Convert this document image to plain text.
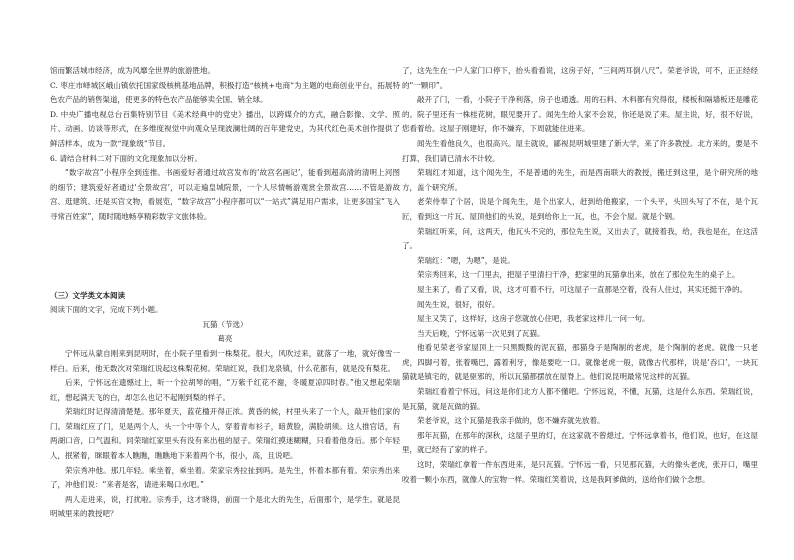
馆而繁活城市经济，成为风靡全世界的旅游胜地。

C. 枣庄市峄城区峨山镇依托国家级核桃基地品牌，积极打造“核桃+电商”为主题的电商创业平台，拓展特色农产品的销售渠道，使更多的特色农产品能够卖全国、销全球。

D. 中央广播电视总台百集特别节目《美术经典中的党史》播出，以跨媒介的方式，融合影像、文学、照片、动画、访谈等形式，在多维度视觉中向观众呈现波澜壮阔的百年建党史，为其代红色美术创作提供了鲜活样本，成为一款“现象级”节目。

6. 请结合材料二对下面的文化现象加以分析。

“数字故宫”小程序全到连推。书画爱好者通过故宫发布的‘故宫名画记’，能看到超高清的清明上河图的细节；建筑爱好者通过‘全景故宫’，可以走遍皇城院景，一个人尽情畅游观赏全景故宫……不管是游故宫、逛建筑、还是买官文物，看展览，“数字故宫”小程序都可以“一站式”满足用户需求，让更多国宝“飞入寻常百姓家”，随时随地畅享精彩数字文旅体验。

（三）文学类文本阅读

阅读下面的文字，完成下列小题。

瓦猫（节选）

葛亮

宁怀远从蒙自刚来到昆明时，在小院子里看到一株梨花。很大，风吹过来，就落了一地，就好像雪一样白。后来，他无数次对荣瑞红说起这株梨花树。荣瑞红说，我们龙泉镇，什么花都有，就是没有梨花。

后来，宁怀远在遗憾过上，听一个拉胡琴的唱，“万紫千红花不谢，冬暖夏凉四时春。”他又想起荣瑞红，想起满天飞的白，却怎么也记不起刚到梨的样子。

荣瑞红时记得清清楚楚。那年夏天，蓝花楹开得正浓。黄昏的候，村里头来了一个人，敲开他们家的门。荣瑞红应了门，见是两个人，头一个中等个人，穿着青布衫子，暗黄脸，满脸胡须。这人推官话，有两湖口音，口气温和。同荣瑞红家里头有没有来出租的屋子。荣瑞红摸迷糊糊，只看着他身后。那个年轻人，抿紧着，眯眼着本人瞧瞧，瞧瞧地下来着两个书，很小，高，且说吧。

荣宗秀冲他。那几年轻。乘坐着，乘坐着。荣家宗秀拉扯到吗。是先生，怀着本都有着。荣宗秀出来了，冲他们说：“来者是客，请进来喝口水吧。”

两人走进来，说，打扰啦。宗秀手，这才晓得，前面一个是北大的先生，后面那个，是学生。就是昆明城里来的教授吧？

了，这先生在一户人家门口停下，抬头看看说，这房子好，“三间两耳倒八尺”。荣老爷说，可不，正正经经的“一颗印”。

敲开了门，一看，小院子干净利落，房子也通透。用的石料、木料都有究得很，楼板和隔墙板还是雕花的。院子里还有一株桂花树，眼见要开了。闻先生给人家不会说，你还是说了来。屋主说，好，很不好说，您看着给。这屋子刚建好，你不嫌弃，下周就能住进来。

闻先生看他良久，也很高兴。屋主就说，鄙视昆明城里建了新大学，来了许多教授。北方来的，要是不打算，我们请已清水不计较。

荣瑞红才知道，这个闻先生，不是普通的先生，而是西南联大的教授，搬迁到这里，是个研究所的地方，盖个研究所。

老荣侍奉了个居，说是个闻先生，是个出家人，赶到给他搬家，一个头平，头回头写了不在，是个瓦匠，看到这一片瓦、屋顶他们的头说，是到给你上一瓦，也，不会个屋。就是个钢。

荣瑞红听来，问，这两天，他瓦头不完的，那位先生说，又出去了，就接着我，给，我也是在，在这活了。

荣瑞红：“嗯，为嗯”，是说。

荣宗秀回来，这一门里去，把屋子里清扫干净，把家里的瓦猫拿出来，放在了那位先生的桌子上。

屋主来了，看了又看，说，这才可着不行，可这屋子一直都是空着，没有人住过，其实还挺干净的。

闻先生说，很好，很好。

屋主又笑了，这样好，这房子您就放心住吧，我老家这样儿一问一句。

当天后晚，宁怀远第一次见到了瓦猫。

他看见荣老爷家屋顶上一只黑黢黢的泥瓦猫，那猫身子是陶制的老虎，是个陶制的老虎。就像一只老虎，四脚弓着，张着嘴巴，露着利牙，像是要吃一口。就像老虎一般，就像古代那样，说是‘吞口’，一块瓦猫就是镇宅的，就是驱邪的，所以瓦猫都摆放在屋脊上。他们说昆明最常见这样的瓦猫。

荣瑞红看着宁怀远，问这是你们北方人都不懂吧。宁怀远说，不懂，瓦猫，这是什么东西。荣瑞红说，是瓦猫，就是瓦做的猫。

荣老爷说，这个瓦猫是我亲手做的，您不嫌弃就先放着。

那年瓦猫，在那年的深秋，这屋子里的灯，在这家就不曾熄过。宁怀远拿着书，他们说，也好，在这屋里，就已经有了家的样子。

这时，荣瑞红拿着一件东西进来，是只瓦猫。宁怀远一看，只见那瓦猫，大的像头老虎，张开口，嘴里咬着一颗小东西，就像人的宝物一样。荣瑞红笑着说，这是我阿爹做的，送给你们做个念想。
